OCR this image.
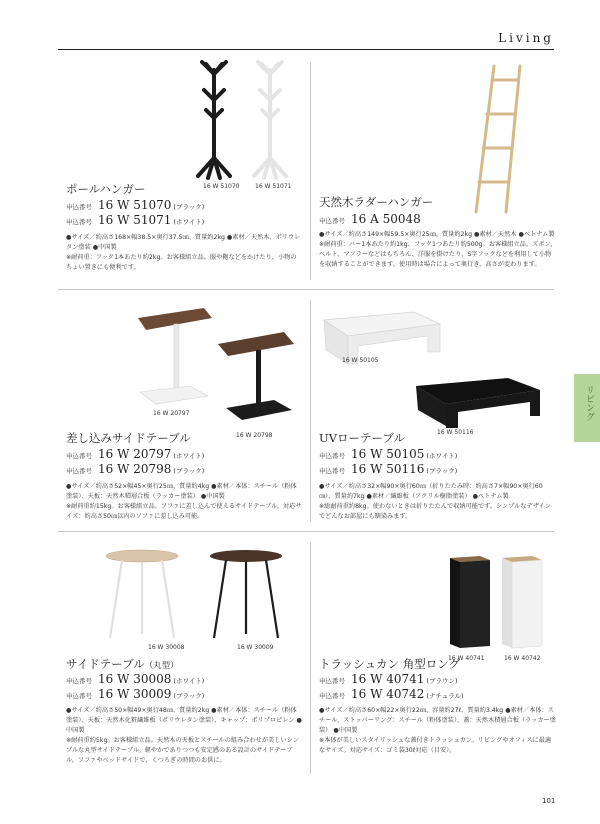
Living
リビング
16 W 51070	16 W 51071
ポールハンガー
申込番号 16 W 51070 (ブラック)
申込番号 16 W 51071 (ホワイト)

●サイズ／約高さ168×幅38.5×奥行37.5㎝、質量約2kg ●素材／天然木、ポリウレタン塗装 ●中国製

※耐荷重：フック1本あたり約2kg。お客様組立品。服や鞄などをかけたり、小物のちょい置きにも便利です。

天然木ラダーハンガー
申込番号 16 A 50048

●サイズ／約高さ149×幅59.5×奥行25㎝、質量約2kg ●素材／天然木 ●ベトナム製

※耐荷重：バー1本あたり約1kg、フック1つあたり約500g。お客様組立品。ズボン、ベルト、マフラーなどはもちろん、洋服を掛けたり、S字フックなどを利用して小物を収納することができます。使用時は場合によって奥行き、高さが変わります。

16 W 20797
16 W 20798
差し込みサイドテーブル
申込番号 16 W 20797 (ホワイト)
申込番号 16 W 20798 (ブラック)

●サイズ／約高さ52×幅45×奥行25㎝、質量約4kg ●素材／本体：スチール（粉体塗装）、天板：天然木積層合板（ラッカー塗装） ●中国製

※耐荷重約15kg。お客様組立品。ソファに差し込んで使えるサイドテーブル。対応サイズ：約高さ50㎝以内のソファに差し込み可能。

16 W 50105
16 W 50116
UVローテーブル
申込番号 16 W 50105 (ホワイト)
申込番号 16 W 50116 (ブラック)

●サイズ／約高さ32×幅90×奥行60㎝（折りたたみ時：約高さ7×幅90×奥行60㎝）、質量約7kg ●素材／繊維板（アクリル樹脂塗装） ●ベトナム製

※総耐荷重約8kg。使わないときは折りたたんで収納可能です。シンプルなデザインでどんなお部屋にも馴染みます。

16 W 30008	16 W 30009
サイドテーブル（丸型）
申込番号 16 W 30008 (ホワイト)
申込番号 16 W 30009 (ブラック)

●サイズ／約高さ50×幅49×奥行48㎝、質量約2kg ●素材／本体：スチール（粉体塗装）、天板：天然木化粧繊維板（ポリウレタン塗装）、キャップ：ポリプロピレン ●中国製

※耐荷重約5kg。お客様組立品。天然木の天板とスチールの組み合わせが美しいシンプルな丸型サイドテーブル。軽やかでありつつも安定感のある設計のサイドテーブル。ソファやベッドサイドで、くつろぎの時間のお供に。

16 W 40741	16 W 40742
トラッシュカン 角型ロング
申込番号 16 W 40741 (ブラウン)
申込番号 16 W 40742 (ナチュラル)

●サイズ／約高さ60×幅22×奥行22㎝、容量約27ℓ、質量約3.4kg ●素材／本体：スチール、ストッパーリング：スチール（粉体塗装）、蓋：天然木積層合板（ラッカー塗装） ●中国製

※本体が美しいスタイリッシュな蓋付きトラッシュカン。リビングやオフィスに最適なサイズ。対応サイズ：ゴミ袋30ℓ対応（目安）。

101
